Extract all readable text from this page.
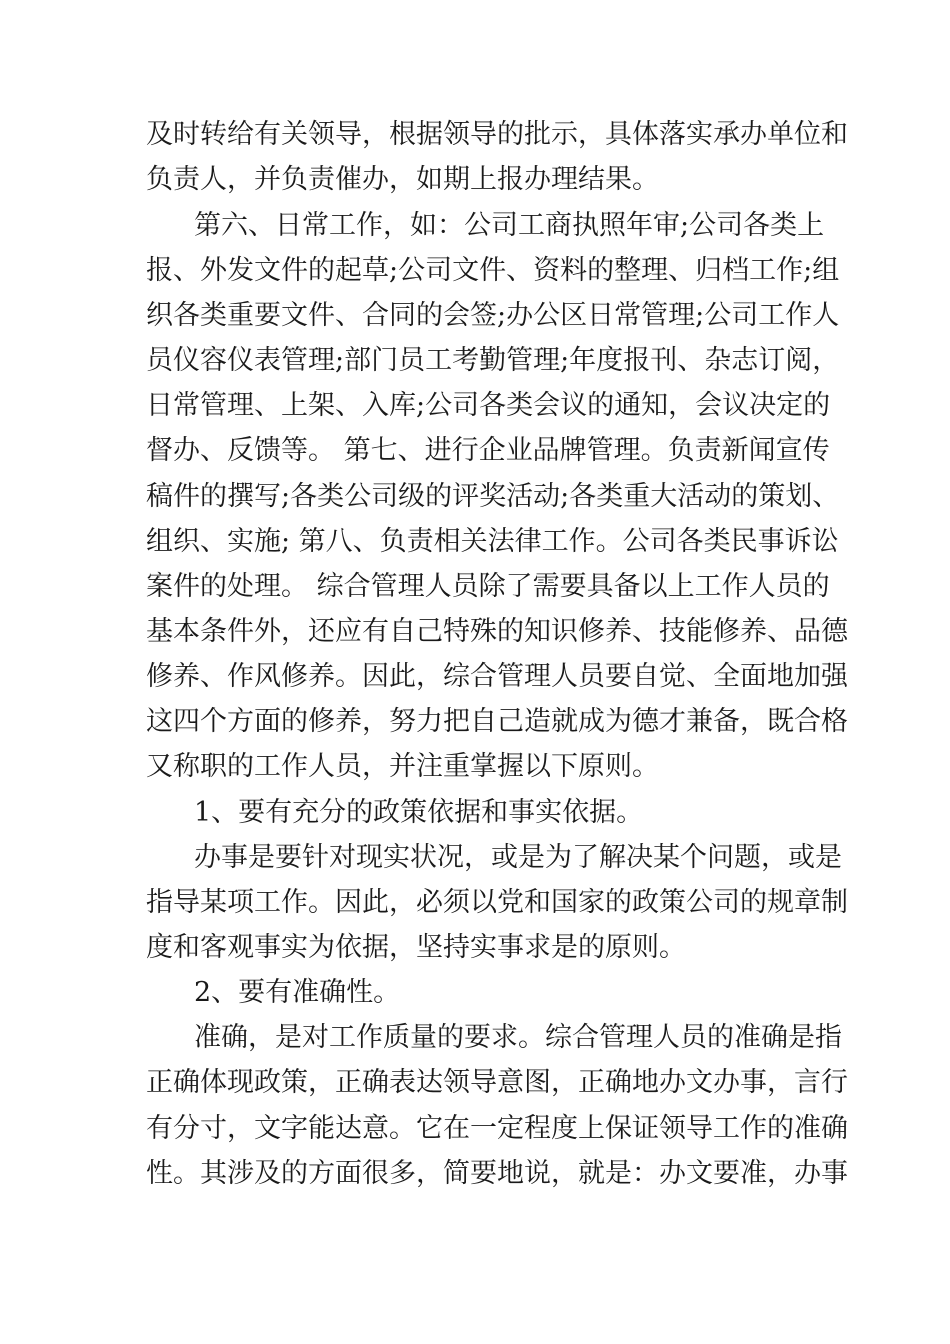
及时转给有关领导，根据领导的批示，具体落实承办单位和
负责人，并负责催办，如期上报办理结果。
第六、日常工作，如：公司工商执照年审;公司各类上
报、外发文件的起草;公司文件、资料的整理、归档工作;组
织各类重要文件、合同的会签;办公区日常管理;公司工作人
员仪容仪表管理;部门员工考勤管理;年度报刊、杂志订阅，
日常管理、上架、入库;公司各类会议的通知，会议决定的
督办、反馈等。 第七、进行企业品牌管理。负责新闻宣传
稿件的撰写;各类公司级的评奖活动;各类重大活动的策划、
组织、实施; 第八、负责相关法律工作。公司各类民事诉讼
案件的处理。 综合管理人员除了需要具备以上工作人员的
基本条件外，还应有自己特殊的知识修养、技能修养、品德
修养、作风修养。因此，综合管理人员要自觉、全面地加强
这四个方面的修养，努力把自己造就成为德才兼备，既合格
又称职的工作人员，并注重掌握以下原则。
1、要有充分的政策依据和事实依据。
办事是要针对现实状况，或是为了解决某个问题，或是
指导某项工作。因此，必须以党和国家的政策公司的规章制
度和客观事实为依据，坚持实事求是的原则。
2、要有准确性。
准确，是对工作质量的要求。综合管理人员的准确是指
正确体现政策，正确表达领导意图，正确地办文办事，言行
有分寸，文字能达意。它在一定程度上保证领导工作的准确
性。其涉及的方面很多，简要地说，就是：办文要准，办事
